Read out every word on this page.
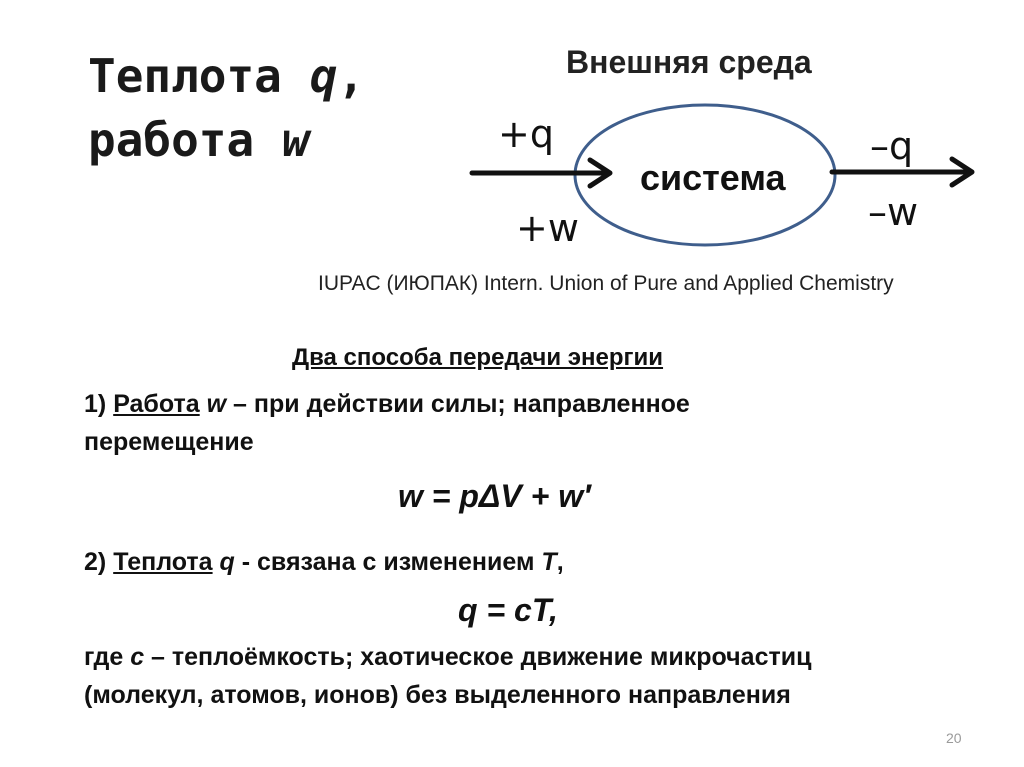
Теплота q,
работа w
Внешняя среда
+q
+w
–q
–w
система
IUPAC (ИЮПАК) Intern. Union of Pure and Applied Chemistry
Два способа передачи энергии
1) Работа w – при действии силы; направленное
перемещение
w = pΔV + w′
2) Теплота q - связана с изменением T,
q = cT,
где c – теплоёмкость; хаотическое движение микрочастиц
(молекул, атомов, ионов) без выделенного направления
20
